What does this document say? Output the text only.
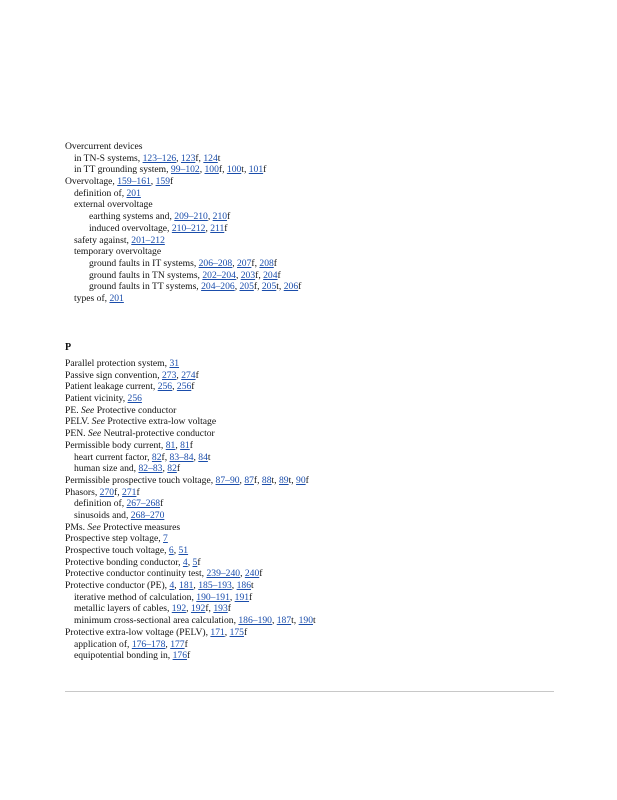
Overcurrent devices
in TN-S systems, 123–126, 123f, 124t
in TT grounding system, 99–102, 100f, 100t, 101f
Overvoltage, 159–161, 159f
definition of, 201
external overvoltage
earthing systems and, 209–210, 210f
induced overvoltage, 210–212, 211f
safety against, 201–212
temporary overvoltage
ground faults in IT systems, 206–208, 207f, 208f
ground faults in TN systems, 202–204, 203f, 204f
ground faults in TT systems, 204–206, 205f, 205t, 206f
types of, 201
P
Parallel protection system, 31
Passive sign convention, 273, 274f
Patient leakage current, 256, 256f
Patient vicinity, 256
PE. See Protective conductor
PELV. See Protective extra-low voltage
PEN. See Neutral-protective conductor
Permissible body current, 81, 81f
heart current factor, 82f, 83–84, 84t
human size and, 82–83, 82f
Permissible prospective touch voltage, 87–90, 87f, 88t, 89t, 90f
Phasors, 270f, 271f
definition of, 267–268f
sinusoids and, 268–270
PMs. See Protective measures
Prospective step voltage, 7
Prospective touch voltage, 6, 51
Protective bonding conductor, 4, 5f
Protective conductor continuity test, 239–240, 240f
Protective conductor (PE), 4, 181, 185–193, 186t
iterative method of calculation, 190–191, 191f
metallic layers of cables, 192, 192f, 193f
minimum cross-sectional area calculation, 186–190, 187t, 190t
Protective extra-low voltage (PELV), 171, 175f
application of, 176–178, 177f
equipotential bonding in, 176f
